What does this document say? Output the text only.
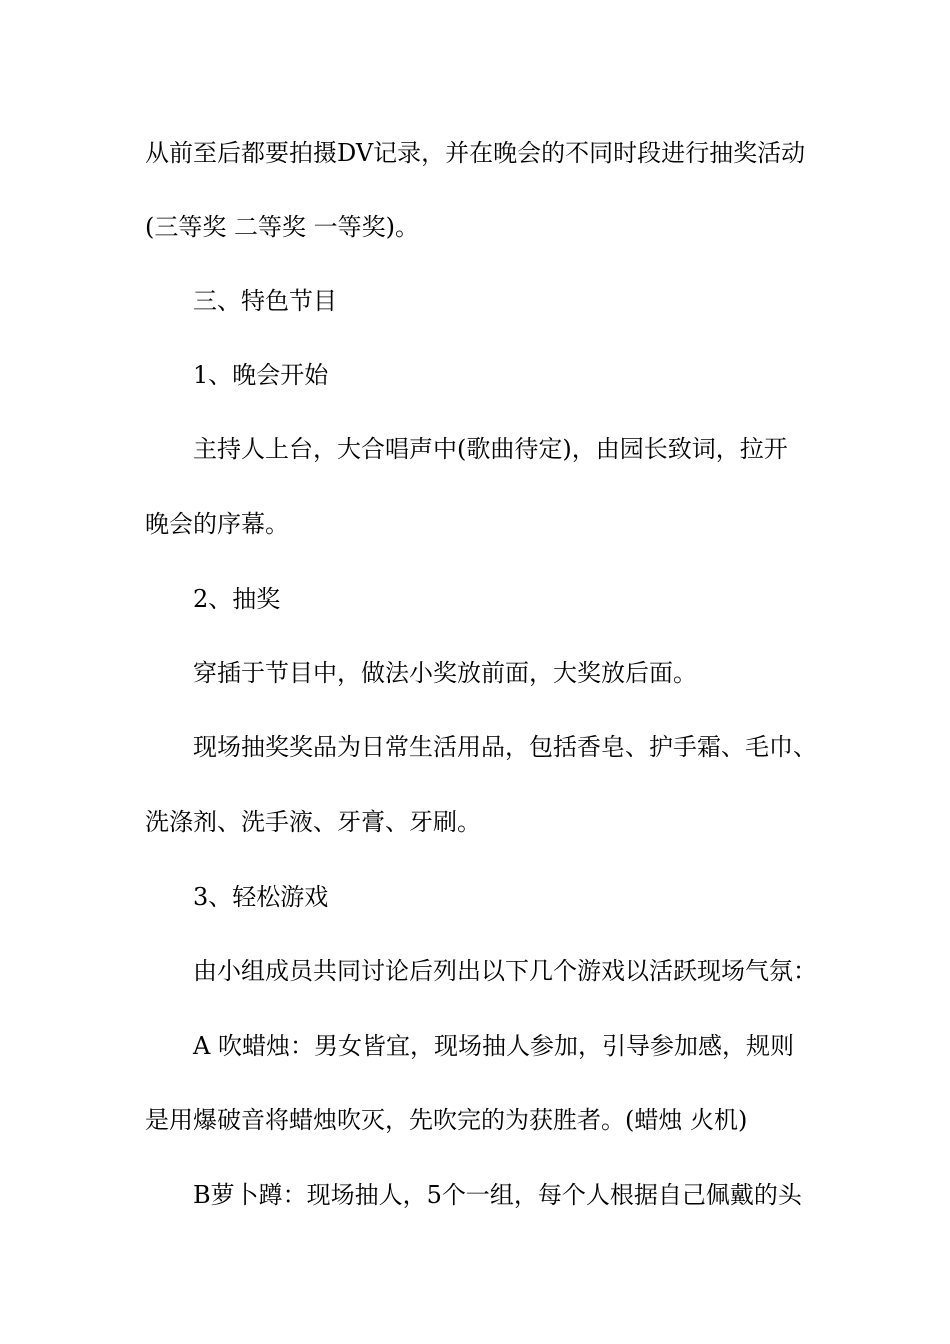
从前至后都要拍摄DV记录，并在晚会的不同时段进行抽奖活动

(三等奖 二等奖 一等奖)。

三、特色节目

1、晚会开始

主持人上台，大合唱声中(歌曲待定)，由园长致词，拉开

晚会的序幕。

2、抽奖

穿插于节目中，做法小奖放前面，大奖放后面。

现场抽奖奖品为日常生活用品，包括香皂、护手霜、毛巾、

洗涤剂、洗手液、牙膏、牙刷。

3、轻松游戏

由小组成员共同讨论后列出以下几个游戏以活跃现场气氛：

A 吹蜡烛：男女皆宜，现场抽人参加，引导参加感，规则

是用爆破音将蜡烛吹灭，先吹完的为获胜者。(蜡烛 火机)

B萝卜蹲：现场抽人，5个一组，每个人根据自己佩戴的头
